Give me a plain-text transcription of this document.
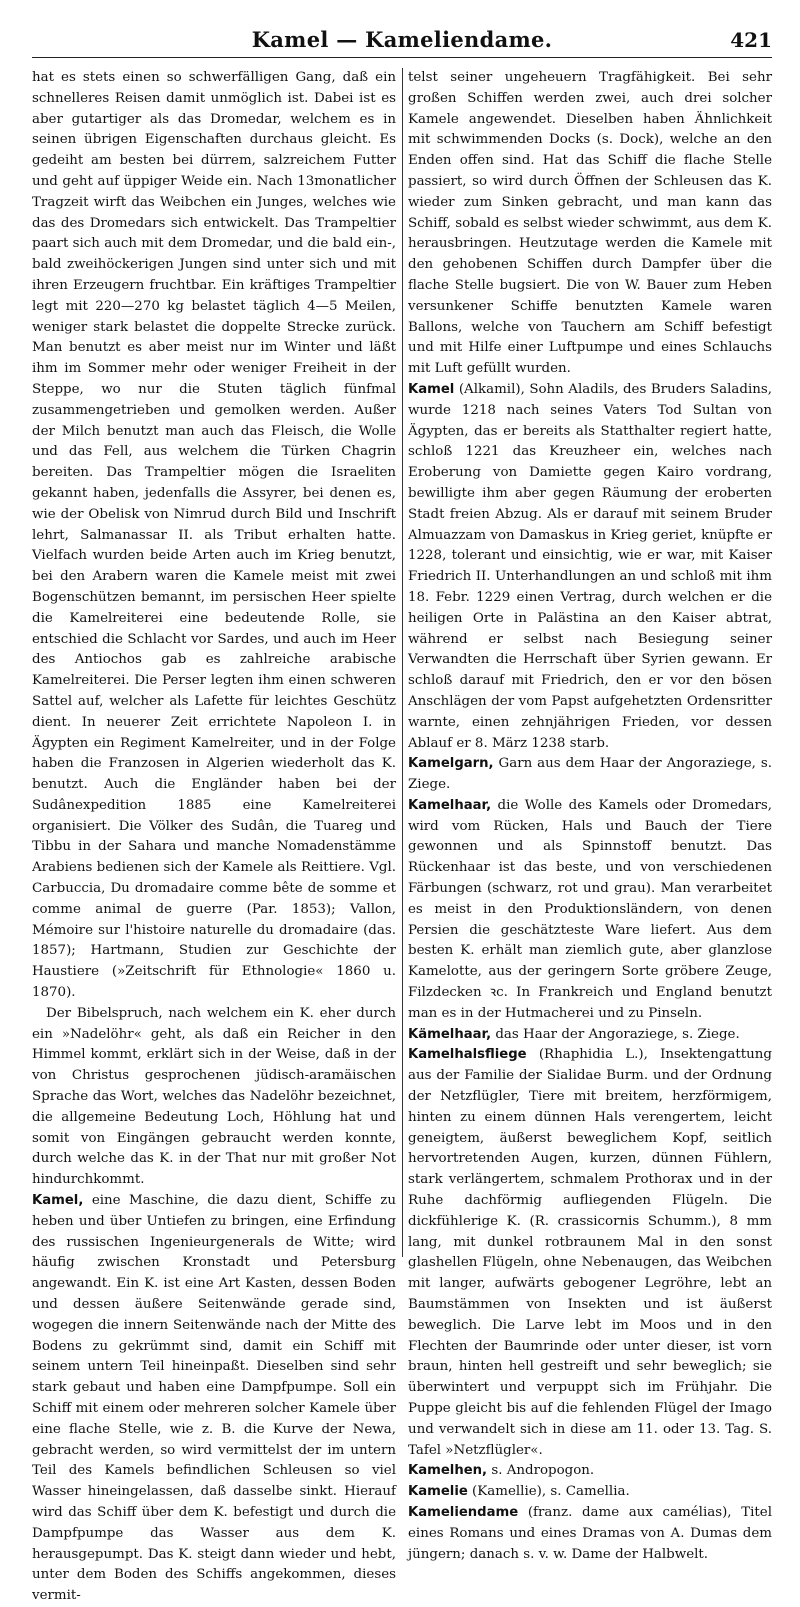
Kamel — Kameliendame.	421

hat es stets einen so schwerfälligen Gang, daß ein schnelleres Reisen damit unmöglich ist. Dabei ist es aber gutartiger als das Dromedar, welchem es in seinen übrigen Eigenschaften durchaus gleicht. Es gedeiht am besten bei dürrem, salzreichem Futter und geht auf üppiger Weide ein. Nach 13monatlicher Tragzeit wirft das Weibchen ein Junges, welches wie das des Dromedars sich entwickelt. Das Trampeltier paart sich auch mit dem Dromedar, und die bald ein-, bald zweihöckerigen Jungen sind unter sich und mit ihren Erzeugern fruchtbar. Ein kräftiges Trampeltier legt mit 220—270 kg belastet täglich 4—5 Meilen, weniger stark belastet die doppelte Strecke zurück. Man benutzt es aber meist nur im Winter und läßt ihm im Sommer mehr oder weniger Freiheit in der Steppe, wo nur die Stuten täglich fünfmal zusammengetrieben und gemolken werden. Außer der Milch benutzt man auch das Fleisch, die Wolle und das Fell, aus welchem die Türken Chagrin bereiten. Das Trampeltier mögen die Israeliten gekannt haben, jedenfalls die Assyrer, bei denen es, wie der Obelisk von Nimrud durch Bild und Inschrift lehrt, Salmanassar II. als Tribut erhalten hatte. Vielfach wurden beide Arten auch im Krieg benutzt, bei den Arabern waren die Kamele meist mit zwei Bogenschützen bemannt, im persischen Heer spielte die Kamelreiterei eine bedeutende Rolle, sie entschied die Schlacht vor Sardes, und auch im Heer des Antiochos gab es zahlreiche arabische Kamelreiterei. Die Perser legten ihm einen schweren Sattel auf, welcher als Lafette für leichtes Geschütz dient. In neuerer Zeit errichtete Napoleon I. in Ägypten ein Regiment Kamelreiter, und in der Folge haben die Franzosen in Algerien wiederholt das K. benutzt. Auch die Engländer haben bei der Sudânexpedition 1885 eine Kamelreiterei organisiert. Die Völker des Sudân, die Tuareg und Tibbu in der Sahara und manche Nomadenstämme Arabiens bedienen sich der Kamele als Reittiere. Vgl. Carbuccia, Du dromadaire comme bête de somme et comme animal de guerre (Par. 1853); Vallon, Mémoire sur l'histoire naturelle du dromadaire (das. 1857); Hartmann, Studien zur Geschichte der Haustiere (»Zeitschrift für Ethnologie« 1860 u. 1870).

Der Bibelspruch, nach welchem ein K. eher durch ein »Nadelöhr« geht, als daß ein Reicher in den Himmel kommt, erklärt sich in der Weise, daß in der von Christus gesprochenen jüdisch-aramäischen Sprache das Wort, welches das Nadelöhr bezeichnet, die allgemeine Bedeutung Loch, Höhlung hat und somit von Eingängen gebraucht werden konnte, durch welche das K. in der That nur mit großer Not hindurchkommt.

Kamel, eine Maschine, die dazu dient, Schiffe zu heben und über Untiefen zu bringen, eine Erfindung des russischen Ingenieurgenerals de Witte; wird häufig zwischen Kronstadt und Petersburg angewandt. Ein K. ist eine Art Kasten, dessen Boden und dessen äußere Seitenwände gerade sind, wogegen die innern Seitenwände nach der Mitte des Bodens zu gekrümmt sind, damit ein Schiff mit seinem untern Teil hineinpaßt. Dieselben sind sehr stark gebaut und haben eine Dampfpumpe. Soll ein Schiff mit einem oder mehreren solcher Kamele über eine flache Stelle, wie z. B. die Kurve der Newa, gebracht werden, so wird vermittelst der im untern Teil des Kamels befindlichen Schleusen so viel Wasser hineingelassen, daß dasselbe sinkt. Hierauf wird das Schiff über dem K. befestigt und durch die Dampfpumpe das Wasser aus dem K. herausgepumpt. Das K. steigt dann wieder und hebt, unter dem Boden des Schiffs angekommen, dieses vermit-

telst seiner ungeheuern Tragfähigkeit. Bei sehr großen Schiffen werden zwei, auch drei solcher Kamele angewendet. Dieselben haben Ähnlichkeit mit schwimmenden Docks (s. Dock), welche an den Enden offen sind. Hat das Schiff die flache Stelle passiert, so wird durch Öffnen der Schleusen das K. wieder zum Sinken gebracht, und man kann das Schiff, sobald es selbst wieder schwimmt, aus dem K. herausbringen. Heutzutage werden die Kamele mit den gehobenen Schiffen durch Dampfer über die flache Stelle bugsiert. Die von W. Bauer zum Heben versunkener Schiffe benutzten Kamele waren Ballons, welche von Tauchern am Schiff befestigt und mit Hilfe einer Luftpumpe und eines Schlauchs mit Luft gefüllt wurden.

Kamel (Alkamil), Sohn Aladils, des Bruders Saladins, wurde 1218 nach seines Vaters Tod Sultan von Ägypten, das er bereits als Statthalter regiert hatte, schloß 1221 das Kreuzheer ein, welches nach Eroberung von Damiette gegen Kairo vordrang, bewilligte ihm aber gegen Räumung der eroberten Stadt freien Abzug. Als er darauf mit seinem Bruder Almuazzam von Damaskus in Krieg geriet, knüpfte er 1228, tolerant und einsichtig, wie er war, mit Kaiser Friedrich II. Unterhandlungen an und schloß mit ihm 18. Febr. 1229 einen Vertrag, durch welchen er die heiligen Orte in Palästina an den Kaiser abtrat, während er selbst nach Besiegung seiner Verwandten die Herrschaft über Syrien gewann. Er schloß darauf mit Friedrich, den er vor den bösen Anschlägen der vom Papst aufgehetzten Ordensritter warnte, einen zehnjährigen Frieden, vor dessen Ablauf er 8. März 1238 starb.

Kamelgarn, Garn aus dem Haar der Angoraziege, s. Ziege.

Kamelhaar, die Wolle des Kamels oder Dromedars, wird vom Rücken, Hals und Bauch der Tiere gewonnen und als Spinnstoff benutzt. Das Rückenhaar ist das beste, und von verschiedenen Färbungen (schwarz, rot und grau). Man verarbeitet es meist in den Produktionsländern, von denen Persien die geschätzteste Ware liefert. Aus dem besten K. erhält man ziemlich gute, aber glanzlose Kamelotte, aus der geringern Sorte gröbere Zeuge, Filzdecken ꝛc. In Frankreich und England benutzt man es in der Hutmacherei und zu Pinseln.

Kämelhaar, das Haar der Angoraziege, s. Ziege.

Kamelhalsfliege (Rhaphidia L.), Insektengattung aus der Familie der Sialidae Burm. und der Ordnung der Netzflügler, Tiere mit breitem, herzförmigem, hinten zu einem dünnen Hals verengertem, leicht geneigtem, äußerst beweglichem Kopf, seitlich hervortretenden Augen, kurzen, dünnen Fühlern, stark verlängertem, schmalem Prothorax und in der Ruhe dachförmig aufliegenden Flügeln. Die dickfühlerige K. (R. crassicornis Schumm.), 8 mm lang, mit dunkel rotbraunem Mal in den sonst glashellen Flügeln, ohne Nebenaugen, das Weibchen mit langer, aufwärts gebogener Legröhre, lebt an Baumstämmen von Insekten und ist äußerst beweglich. Die Larve lebt im Moos und in den Flechten der Baumrinde oder unter dieser, ist vorn braun, hinten hell gestreift und sehr beweglich; sie überwintert und verpuppt sich im Frühjahr. Die Puppe gleicht bis auf die fehlenden Flügel der Imago und verwandelt sich in diese am 11. oder 13. Tag. S. Tafel »Netzflügler«.

Kamelhen, s. Andropogon.

Kamelie (Kamellie), s. Camellia.

Kameliendame (franz. dame aux camélias), Titel eines Romans und eines Dramas von A. Dumas dem jüngern; danach s. v. w. Dame der Halbwelt.
